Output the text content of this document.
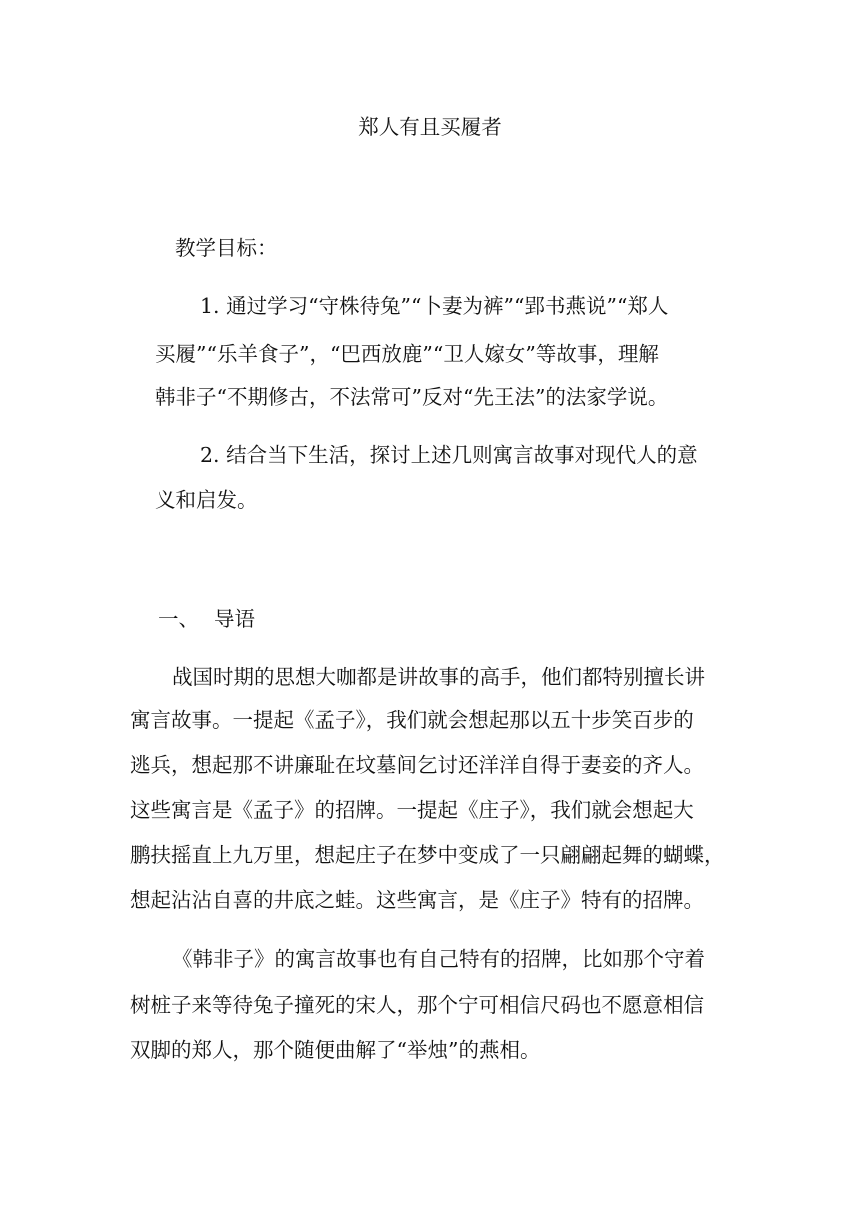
郑人有且买履者

教学目标：

1. 通过学习“守株待兔”“卜妻为裤”“郢书燕说”“郑人

买履”“乐羊食子”，“巴西放鹿”“卫人嫁女”等故事，理解

韩非子“不期修古，不法常可”反对“先王法”的法家学说。

2. 结合当下生活，探讨上述几则寓言故事对现代人的意

义和启发。

一、 导语

战国时期的思想大咖都是讲故事的高手，他们都特别擅长讲

寓言故事。一提起《孟子》，我们就会想起那以五十步笑百步的

逃兵，想起那不讲廉耻在坟墓间乞讨还洋洋自得于妻妾的齐人。

这些寓言是《孟子》的招牌。一提起《庄子》，我们就会想起大

鹏扶摇直上九万里，想起庄子在梦中变成了一只翩翩起舞的蝴蝶，

想起沾沾自喜的井底之蛙。这些寓言，是《庄子》特有的招牌。

《韩非子》的寓言故事也有自己特有的招牌，比如那个守着

树桩子来等待兔子撞死的宋人，那个宁可相信尺码也不愿意相信

双脚的郑人，那个随便曲解了“举烛”的燕相。
